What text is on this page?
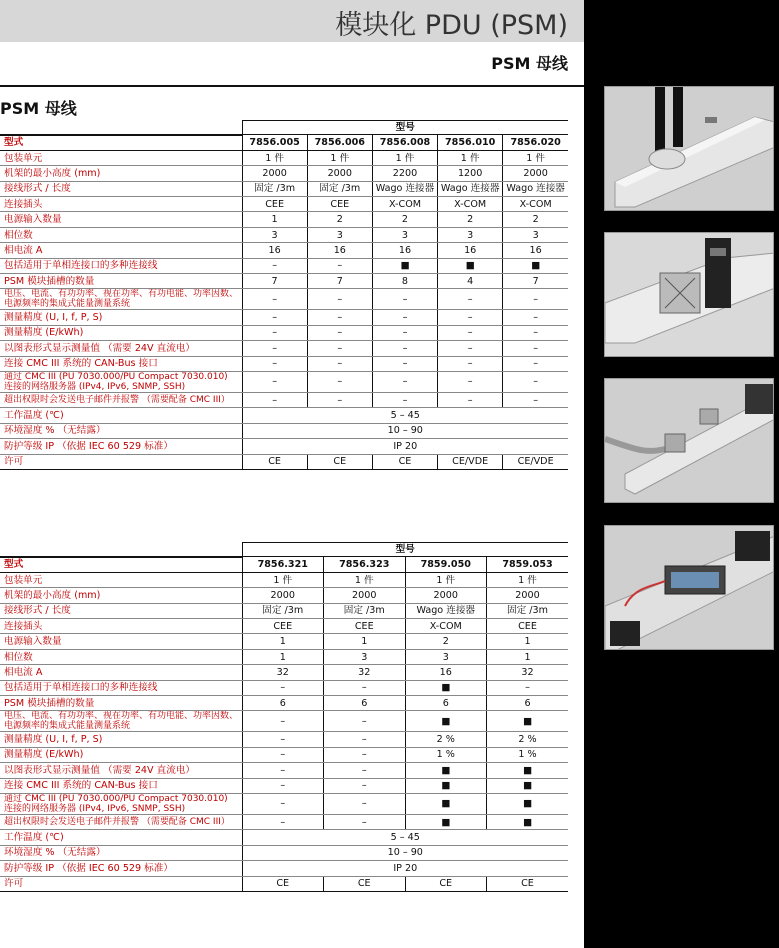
模块化 PDU (PSM)
PSM 母线
PSM 母线
	型号				
型式	7856.005	7856.006	7856.008	7856.010	7856.020
包装单元	1 件	1 件	1 件	1 件	1 件
机架的最小高度 (mm)	2000	2000	2200	1200	2000
接线形式 / 长度	固定 /3m	固定 /3m	Wago 连接器	Wago 连接器	Wago 连接器
连接插头	CEE	CEE	X-COM	X-COM	X-COM
电源输入数量	1	2	2	2	2
相位数	3	3	3	3	3
相电流 A	16	16	16	16	16
包括适用于单相连接口的多种连接线	–	–	■	■	■
PSM 模块插槽的数量	7	7	8	4	7
电压、电流、有功功率、视在功率、有功电能、功率因数、电源频率的集成式能量测量系统	–	–	–	–	–
测量精度 (U, I, f, P, S)	–	–	–	–	–
测量精度 (E/kWh)	–	–	–	–	–
以图表形式显示测量值 （需要 24V 直流电）	–	–	–	–	–
连接 CMC III 系统的 CAN-Bus 接口	–	–	–	–	–
通过 CMC III (PU 7030.000/PU Compact 7030.010) 连接的网络服务器 (IPv4, IPv6, SNMP, SSH)	–	–	–	–	–
超出权限时会发送电子邮件并报警 （需要配备 CMC III）	–	–	–	–	–
工作温度 (℃)	5 – 45				
环境湿度 % （无结露）	10 – 90				
防护等级 IP （依据 IEC 60 529 标准）	IP 20				
许可	CE	CE	CE	CE/VDE	CE/VDE
	型号			
型式	7856.321	7856.323	7859.050	7859.053
包装单元	1 件	1 件	1 件	1 件
机架的最小高度 (mm)	2000	2000	2000	2000
接线形式 / 长度	固定 /3m	固定 /3m	Wago 连接器	固定 /3m
连接插头	CEE	CEE	X-COM	CEE
电源输入数量	1	1	2	1
相位数	1	3	3	1
相电流 A	32	32	16	32
包括适用于单相连接口的多种连接线	–	–	■	–
PSM 模块插槽的数量	6	6	6	6
电压、电流、有功功率、视在功率、有功电能、功率因数、电源频率的集成式能量测量系统	–	–	■	■
测量精度 (U, I, f, P, S)	–	–	2 %	2 %
测量精度 (E/kWh)	–	–	1 %	1 %
以图表形式显示测量值 （需要 24V 直流电）	–	–	■	■
连接 CMC III 系统的 CAN-Bus 接口	–	–	■	■
通过 CMC III (PU 7030.000/PU Compact 7030.010) 连接的网络服务器 (IPv4, IPv6, SNMP, SSH)	–	–	■	■
超出权限时会发送电子邮件并报警 （需要配备 CMC III）	–	–	■	■
工作温度 (℃)	5 – 45			
环境湿度 % （无结露）	10 – 90			
防护等级 IP （依据 IEC 60 529 标准）	IP 20			
许可	CE	CE	CE	CE
